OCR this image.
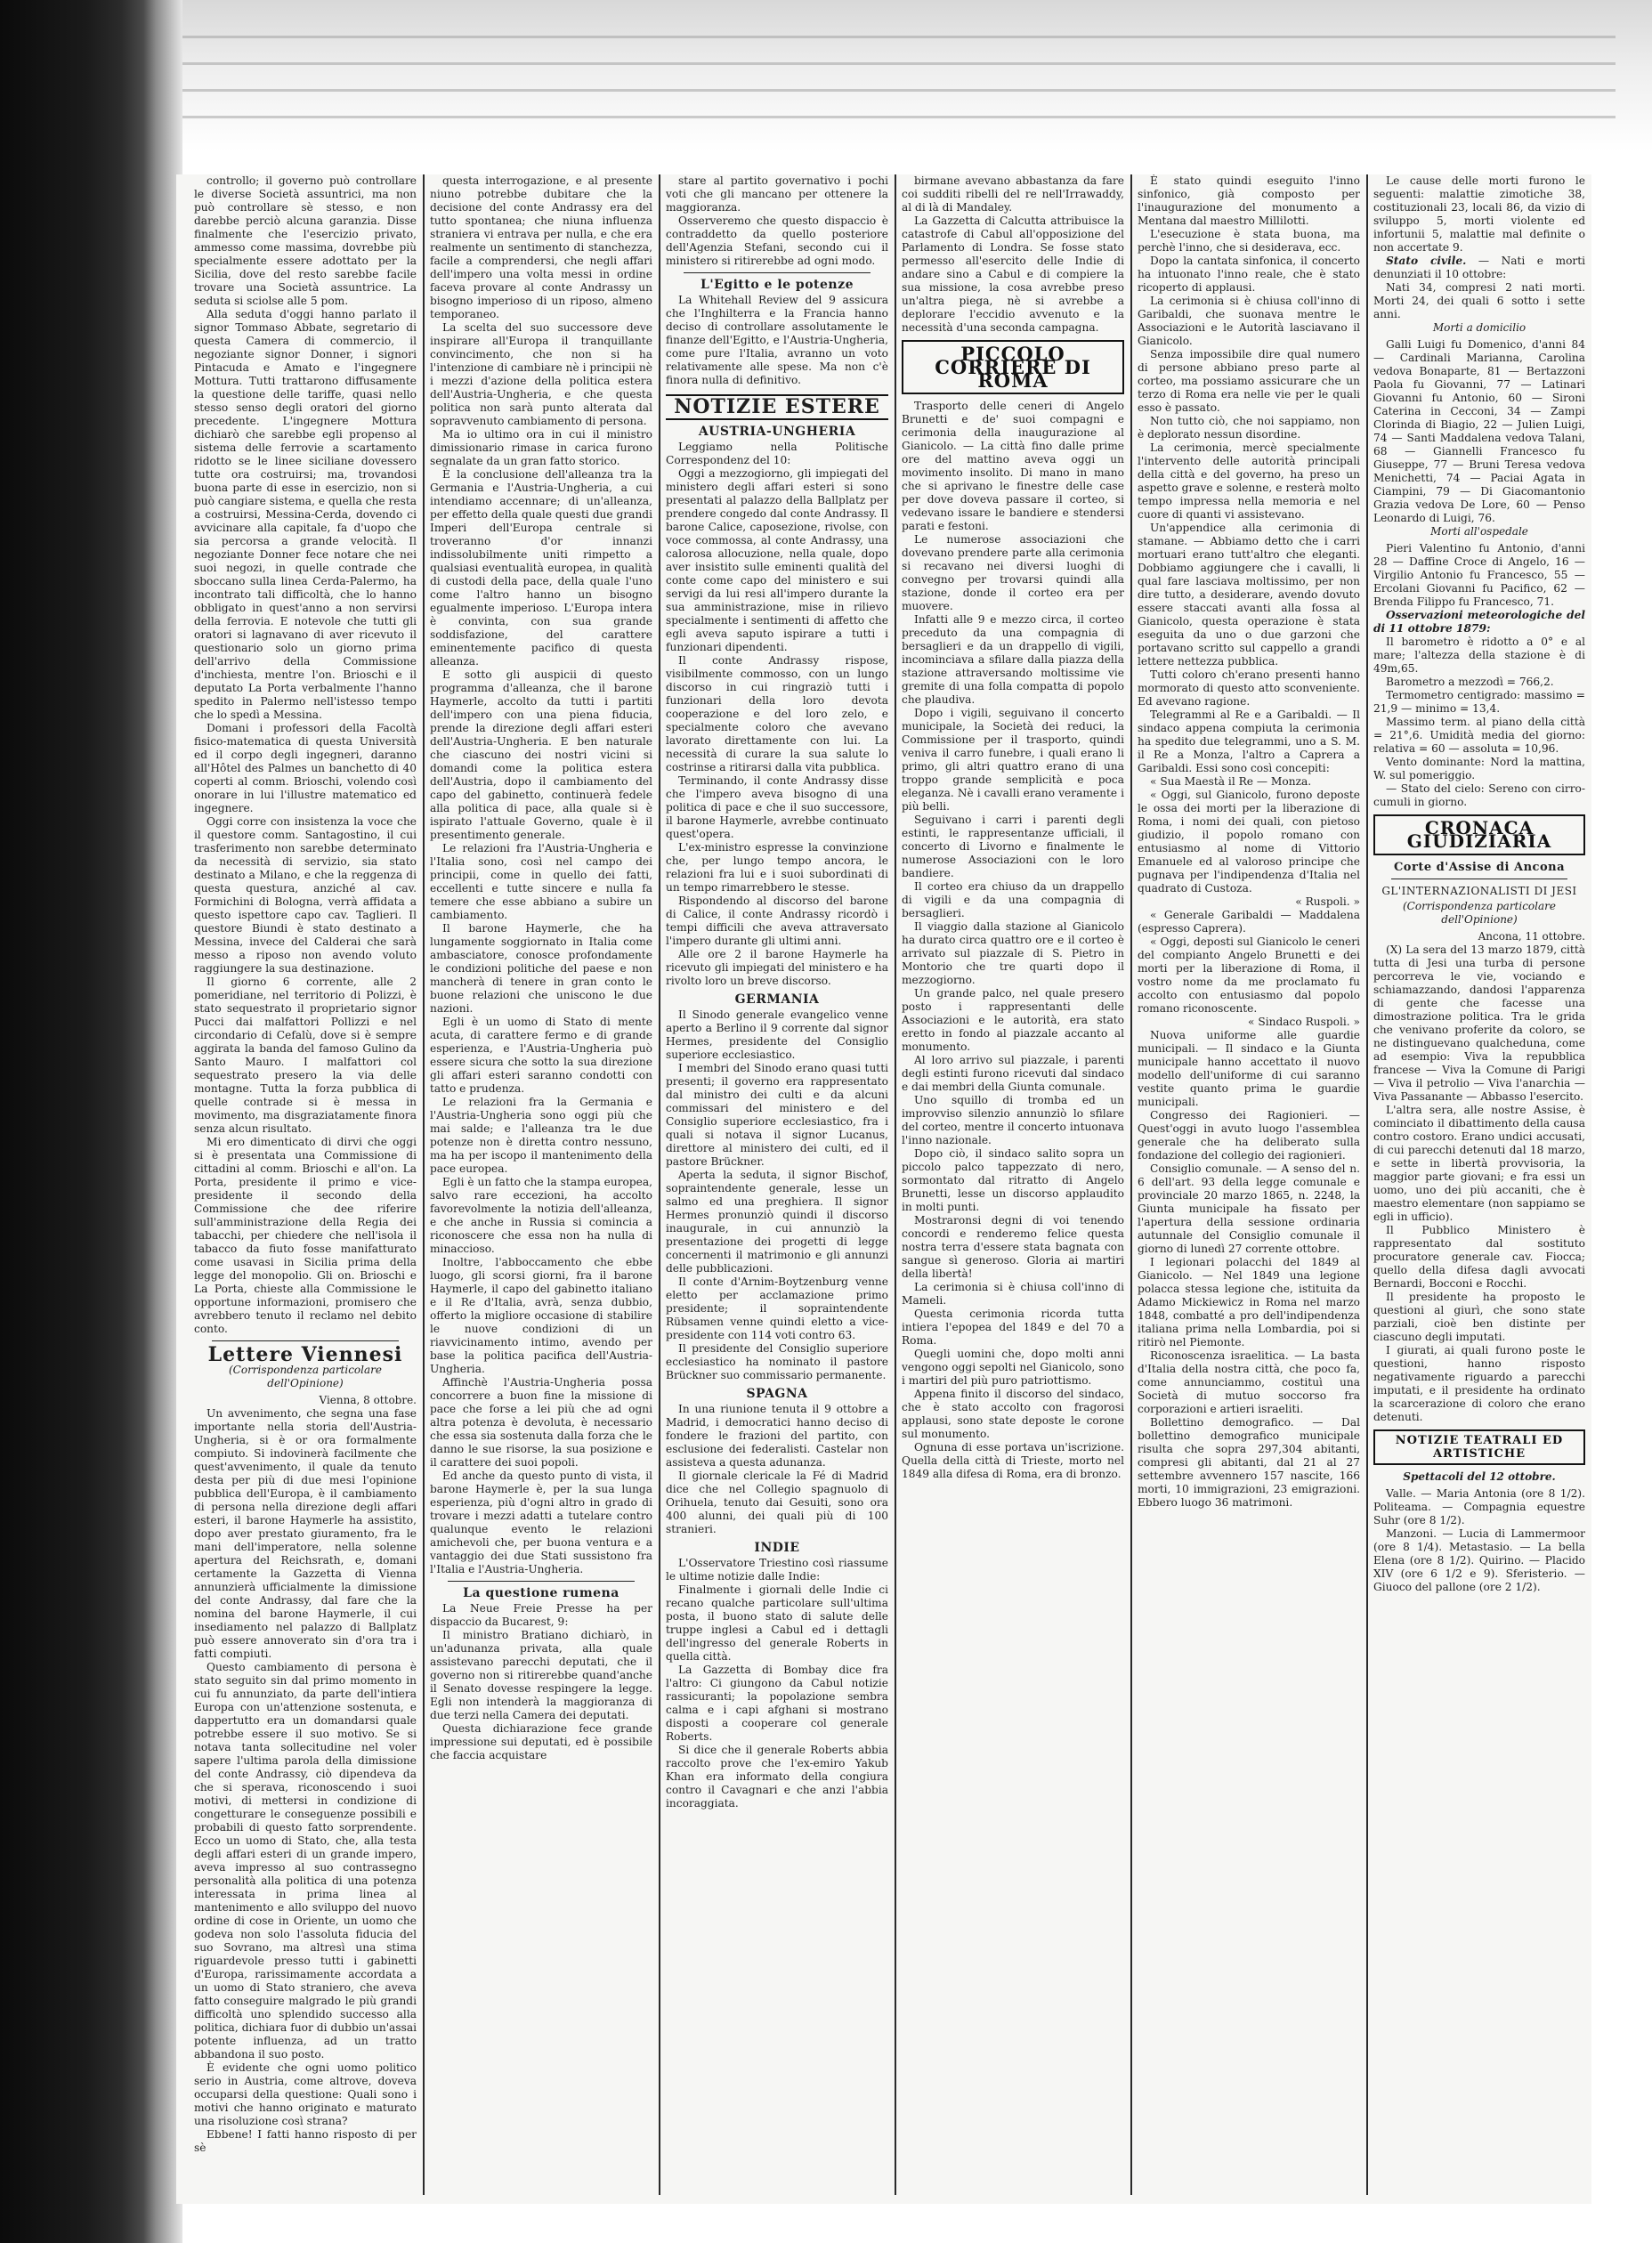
controllo; il governo può controllare le diverse Società assuntrici, ma non può controllare sè stesso, e non darebbe perciò alcuna garanzia. Disse finalmente che l'esercizio privato, ammesso come massima, dovrebbe più specialmente essere adottato per la Sicilia, dove del resto sarebbe facile trovare una Società assuntrice. La seduta si sciolse alle 5 pom.

Alla seduta d'oggi hanno parlato il signor Tommaso Abbate, segretario di questa Camera di commercio, il negoziante signor Donner, i signori Pintacuda e Amato e l'ingegnere Mottura. Tutti trattarono diffusamente la questione delle tariffe, quasi nello stesso senso degli oratori del giorno precedente. L'ingegnere Mottura dichiarò che sarebbe egli propenso al sistema delle ferrovie a scartamento ridotto se le linee siciliane dovessero tutte ora costruirsi; ma, trovandosi buona parte di esse in esercizio, non si può cangiare sistema, e quella che resta a costruirsi, Messina-Cerda, dovendo ci avvicinare alla capitale, fa d'uopo che sia percorsa a grande velocità. Il negoziante Donner fece notare che nei suoi negozi, in quelle contrade che sboccano sulla linea Cerda-Palermo, ha incontrato tali difficoltà, che lo hanno obbligato in quest'anno a non servirsi della ferrovia. E notevole che tutti gli oratori si lagnavano di aver ricevuto il questionario solo un giorno prima dell'arrivo della Commissione d'inchiesta, mentre l'on. Brioschi e il deputato La Porta verbalmente l'hanno spedito in Palermo nell'istesso tempo che lo spedì a Messina.

Domani i professori della Facoltà fisico-matematica di questa Università ed il corpo degli ingegneri, daranno all'Hôtel des Palmes un banchetto di 40 coperti al comm. Brioschi, volendo così onorare in lui l'illustre matematico ed ingegnere.

Oggi corre con insistenza la voce che il questore comm. Santagostino, il cui trasferimento non sarebbe determinato da necessità di servizio, sia stato destinato a Milano, e che la reggenza di questa questura, anziché al cav. Formichini di Bologna, verrà affidata a questo ispettore capo cav. Taglieri. Il questore Biundi è stato destinato a Messina, invece del Calderai che sarà messo a riposo non avendo voluto raggiungere la sua destinazione.

Il giorno 6 corrente, alle 2 pomeridiane, nel territorio di Polizzi, è stato sequestrato il proprietario signor Pucci dai malfattori Pollizzi e nel circondario di Cefalù, dove si è sempre aggirata la banda del famoso Gulino da Santo Mauro. I malfattori col sequestrato presero la via delle montagne. Tutta la forza pubblica di quelle contrade si è messa in movimento, ma disgraziatamente finora senza alcun risultato.

Mi ero dimenticato di dirvi che oggi si è presentata una Commissione di cittadini al comm. Brioschi e all'on. La Porta, presidente il primo e vice-presidente il secondo della Commissione che dee riferire sull'amministrazione della Regia dei tabacchi, per chiedere che nell'isola il tabacco da fiuto fosse manifatturato come usavasi in Sicilia prima della legge del monopolio. Gli on. Brioschi e La Porta, chieste alla Commissione le opportune informazioni, promisero che avrebbero tenuto il reclamo nel debito conto.

Lettere Viennesi
(Corrispondenza particolare dell'Opinione)
Vienna, 8 ottobre.

Un avvenimento, che segna una fase importante nella storia dell'Austria-Ungheria, si è or ora formalmente compiuto. Si indovinerà facilmente che quest'avvenimento, il quale da tenuto desta per più di due mesi l'opinione pubblica dell'Europa, è il cambiamento di persona nella direzione degli affari esteri, il barone Haymerle ha assistito, dopo aver prestato giuramento, fra le mani dell'imperatore, nella solenne apertura del Reichsrath, e, domani certamente la Gazzetta di Vienna annunzierà ufficialmente la dimissione del conte Andrassy, dal fare che la nomina del barone Haymerle, il cui insediamento nel palazzo di Ballplatz può essere annoverato sin d'ora tra i fatti compiuti.

Questo cambiamento di persona è stato seguito sin dal primo momento in cui fu annunziato, da parte dell'intiera Europa con un'attenzione sostenuta, e dappertutto era un domandarsi quale potrebbe essere il suo motivo. Se si notava tanta sollecitudine nel voler sapere l'ultima parola della dimissione del conte Andrassy, ciò dipendeva da che si sperava, riconoscendo i suoi motivi, di mettersi in condizione di congetturare le conseguenze possibili e probabili di questo fatto sorprendente. Ecco un uomo di Stato, che, alla testa degli affari esteri di un grande impero, aveva impresso al suo contrassegno personalità alla politica di una potenza interessata in prima linea al mantenimento e allo sviluppo del nuovo ordine di cose in Oriente, un uomo che godeva non solo l'assoluta fiducia del suo Sovrano, ma altresì una stima riguardevole presso tutti i gabinetti d'Europa, rarissimamente accordata a un uomo di Stato straniero, che aveva fatto conseguire malgrado le più grandi difficoltà uno splendido successo alla politica, dichiara fuor di dubbio un'assai potente influenza, ad un tratto abbandona il suo posto.

È evidente che ogni uomo politico serio in Austria, come altrove, doveva occuparsi della questione: Quali sono i motivi che hanno originato e maturato una risoluzione così strana?

Ebbene! I fatti hanno risposto di per sè

questa interrogazione, e al presente niuno potrebbe dubitare che la decisione del conte Andrassy era del tutto spontanea; che niuna influenza straniera vi entrava per nulla, e che era realmente un sentimento di stanchezza, facile a comprendersi, che negli affari dell'impero una volta messi in ordine faceva provare al conte Andrassy un bisogno imperioso di un riposo, almeno temporaneo.

La scelta del suo successore deve inspirare all'Europa il tranquillante convincimento, che non si ha l'intenzione di cambiare nè i principii nè i mezzi d'azione della politica estera dell'Austria-Ungheria, e che questa politica non sarà punto alterata dal sopravvenuto cambiamento di persona.

Ma io ultimo ora in cui il ministro dimissionario rimase in carica furono segnalate da un gran fatto storico.

È la conclusione dell'alleanza tra la Germania e l'Austria-Ungheria, a cui intendiamo accennare; di un'alleanza, per effetto della quale questi due grandi Imperi dell'Europa centrale si troveranno d'or innanzi indissolubilmente uniti rimpetto a qualsiasi eventualità europea, in qualità di custodi della pace, della quale l'uno come l'altro hanno un bisogno egualmente imperioso. L'Europa intera è convinta, con sua grande soddisfazione, del carattere eminentemente pacifico di questa alleanza.

E sotto gli auspicii di questo programma d'alleanza, che il barone Haymerle, accolto da tutti i partiti dell'impero con una piena fiducia, prende la direzione degli affari esteri dell'Austria-Ungheria. E ben naturale che ciascuno dei nostri vicini si domandi come la politica estera dell'Austria, dopo il cambiamento del capo del gabinetto, continuerà fedele alla politica di pace, alla quale si è ispirato l'attuale Governo, quale è il presentimento generale.

Le relazioni fra l'Austria-Ungheria e l'Italia sono, così nel campo dei principii, come in quello dei fatti, eccellenti e tutte sincere e nulla fa temere che esse abbiano a subire un cambiamento.

Il barone Haymerle, che ha lungamente soggiornato in Italia come ambasciatore, conosce profondamente le condizioni politiche del paese e non mancherà di tenere in gran conto le buone relazioni che uniscono le due nazioni.

Egli è un uomo di Stato di mente acuta, di carattere fermo e di grande esperienza, e l'Austria-Ungheria può essere sicura che sotto la sua direzione gli affari esteri saranno condotti con tatto e prudenza.

Le relazioni fra la Germania e l'Austria-Ungheria sono oggi più che mai salde; e l'alleanza tra le due potenze non è diretta contro nessuno, ma ha per iscopo il mantenimento della pace europea.

Egli è un fatto che la stampa europea, salvo rare eccezioni, ha accolto favorevolmente la notizia dell'alleanza, e che anche in Russia si comincia a riconoscere che essa non ha nulla di minaccioso.

Inoltre, l'abboccamento che ebbe luogo, gli scorsi giorni, fra il barone Haymerle, il capo del gabinetto italiano e il Re d'Italia, avrà, senza dubbio, offerto la migliore occasione di stabilire le nuove condizioni di un riavvicinamento intimo, avendo per base la politica pacifica dell'Austria-Ungheria.

Affinchè l'Austria-Ungheria possa concorrere a buon fine la missione di pace che forse a lei più che ad ogni altra potenza è devoluta, è necessario che essa sia sostenuta dalla forza che le danno le sue risorse, la sua posizione e il carattere dei suoi popoli.

Ed anche da questo punto di vista, il barone Haymerle è, per la sua lunga esperienza, più d'ogni altro in grado di trovare i mezzi adatti a tutelare contro qualunque evento le relazioni amichevoli che, per buona ventura e a vantaggio dei due Stati sussistono fra l'Italia e l'Austria-Ungheria.

La questione rumena

La Neue Freie Presse ha per dispaccio da Bucarest, 9:

Il ministro Bratiano dichiarò, in un'adunanza privata, alla quale assistevano parecchi deputati, che il governo non si ritirerebbe quand'anche il Senato dovesse respingere la legge. Egli non intenderà la maggioranza di due terzi nella Camera dei deputati.

Questa dichiarazione fece grande impressione sui deputati, ed è possibile che faccia acquistare

stare al partito governativo i pochi voti che gli mancano per ottenere la maggioranza.

Osserveremo che questo dispaccio è contraddetto da quello posteriore dell'Agenzia Stefani, secondo cui il ministero si ritirerebbe ad ogni modo.

L'Egitto e le potenze

La Whitehall Review del 9 assicura che l'Inghilterra e la Francia hanno deciso di controllare assolutamente le finanze dell'Egitto, e l'Austria-Ungheria, come pure l'Italia, avranno un voto relativamente alle spese. Ma non c'è finora nulla di definitivo.

NOTIZIE ESTERE
AUSTRIA-UNGHERIA

Leggiamo nella Politische Correspondenz del 10:

Oggi a mezzogiorno, gli impiegati del ministero degli affari esteri si sono presentati al palazzo della Ballplatz per prendere congedo dal conte Andrassy. Il barone Calice, caposezione, rivolse, con voce commossa, al conte Andrassy, una calorosa allocuzione, nella quale, dopo aver insistito sulle eminenti qualità del conte come capo del ministero e sui servigi da lui resi all'impero durante la sua amministrazione, mise in rilievo specialmente i sentimenti di affetto che egli aveva saputo ispirare a tutti i funzionari dipendenti.

Il conte Andrassy rispose, visibilmente commosso, con un lungo discorso in cui ringraziò tutti i funzionari della loro devota cooperazione e del loro zelo, e specialmente coloro che avevano lavorato direttamente con lui. La necessità di curare la sua salute lo costrinse a ritirarsi dalla vita pubblica.

Terminando, il conte Andrassy disse che l'impero aveva bisogno di una politica di pace e che il suo successore, il barone Haymerle, avrebbe continuato quest'opera.

L'ex-ministro espresse la convinzione che, per lungo tempo ancora, le relazioni fra lui e i suoi subordinati di un tempo rimarrebbero le stesse.

Rispondendo al discorso del barone di Calice, il conte Andrassy ricordò i tempi difficili che aveva attraversato l'impero durante gli ultimi anni.

Alle ore 2 il barone Haymerle ha ricevuto gli impiegati del ministero e ha rivolto loro un breve discorso.

GERMANIA

Il Sinodo generale evangelico venne aperto a Berlino il 9 corrente dal signor Hermes, presidente del Consiglio superiore ecclesiastico.

I membri del Sinodo erano quasi tutti presenti; il governo era rappresentato dal ministro dei culti e da alcuni commissari del ministero e del Consiglio superiore ecclesiastico, fra i quali si notava il signor Lucanus, direttore al ministero dei culti, ed il pastore Brückner.

Aperta la seduta, il signor Bischof, sopraintendente generale, lesse un salmo ed una preghiera. Il signor Hermes pronunziò quindi il discorso inaugurale, in cui annunziò la presentazione dei progetti di legge concernenti il matrimonio e gli annunzi delle pubblicazioni.

Il conte d'Arnim-Boytzenburg venne eletto per acclamazione primo presidente; il sopraintendente Rübsamen venne quindi eletto a vice-presidente con 114 voti contro 63.

Il presidente del Consiglio superiore ecclesiastico ha nominato il pastore Brückner suo commissario permanente.

SPAGNA

In una riunione tenuta il 9 ottobre a Madrid, i democratici hanno deciso di fondere le frazioni del partito, con esclusione dei federalisti. Castelar non assisteva a questa adunanza.

Il giornale clericale la Fé di Madrid dice che nel Collegio spagnuolo di Orihuela, tenuto dai Gesuiti, sono ora 400 alunni, dei quali più di 100 stranieri.

INDIE

L'Osservatore Triestino così riassume le ultime notizie dalle Indie:

Finalmente i giornali delle Indie ci recano qualche particolare sull'ultima posta, il buono stato di salute delle truppe inglesi a Cabul ed i dettagli dell'ingresso del generale Roberts in quella città.

La Gazzetta di Bombay dice fra l'altro: Ci giungono da Cabul notizie rassicuranti; la popolazione sembra calma e i capi afghani si mostrano disposti a cooperare col generale Roberts.

Si dice che il generale Roberts abbia raccolto prove che l'ex-emiro Yakub Khan era informato della congiura contro il Cavagnari e che anzi l'abbia incoraggiata.

birmane avevano abbastanza da fare coi sudditi ribelli del re nell'Irrawaddy, al di là di Mandaley.

La Gazzetta di Calcutta attribuisce la catastrofe di Cabul all'opposizione del Parlamento di Londra. Se fosse stato permesso all'esercito delle Indie di andare sino a Cabul e di compiere la sua missione, la cosa avrebbe preso un'altra piega, nè si avrebbe a deplorare l'eccidio avvenuto e la necessità d'una seconda campagna.

PICCOLO CORRIERE DI ROMA

Trasporto delle ceneri di Angelo Brunetti e de' suoi compagni e cerimonia della inaugurazione al Gianicolo. — La città fino dalle prime ore del mattino aveva oggi un movimento insolito. Di mano in mano che si aprivano le finestre delle case per dove doveva passare il corteo, si vedevano issare le bandiere e stendersi parati e festoni.

Le numerose associazioni che dovevano prendere parte alla cerimonia si recavano nei diversi luoghi di convegno per trovarsi quindi alla stazione, donde il corteo era per muovere.

Infatti alle 9 e mezzo circa, il corteo preceduto da una compagnia di bersaglieri e da un drappello di vigili, incominciava a sfilare dalla piazza della stazione attraversando moltissime vie gremite di una folla compatta di popolo che plaudiva.

Dopo i vigili, seguivano il concerto municipale, la Società dei reduci, la Commissione per il trasporto, quindi veniva il carro funebre, i quali erano li primo, gli altri quattro erano di una troppo grande semplicità e poca eleganza. Nè i cavalli erano veramente i più belli.

Seguivano i carri i parenti degli estinti, le rappresentanze ufficiali, il concerto di Livorno e finalmente le numerose Associazioni con le loro bandiere.

Il corteo era chiuso da un drappello di vigili e da una compagnia di bersaglieri.

Il viaggio dalla stazione al Gianicolo ha durato circa quattro ore e il corteo è arrivato sul piazzale di S. Pietro in Montorio che tre quarti dopo il mezzogiorno.

Un grande palco, nel quale presero posto i rappresentanti delle Associazioni e le autorità, era stato eretto in fondo al piazzale accanto al monumento.

Al loro arrivo sul piazzale, i parenti degli estinti furono ricevuti dal sindaco e dai membri della Giunta comunale.

Uno squillo di tromba ed un improvviso silenzio annunziò lo sfilare del corteo, mentre il concerto intuonava l'inno nazionale.

Dopo ciò, il sindaco salito sopra un piccolo palco tappezzato di nero, sormontato dal ritratto di Angelo Brunetti, lesse un discorso applaudito in molti punti.

Mostraronsi degni di voi tenendo concordi e renderemo felice questa nostra terra d'essere stata bagnata con sangue sì generoso. Gloria ai martiri della libertà!

La cerimonia si è chiusa coll'inno di Mameli.

Questa cerimonia ricorda tutta intiera l'epopea del 1849 e del 70 a Roma.

Quegli uomini che, dopo molti anni vengono oggi sepolti nel Gianicolo, sono i martiri del più puro patriottismo.

Appena finito il discorso del sindaco, che è stato accolto con fragorosi applausi, sono state deposte le corone sul monumento.

Ognuna di esse portava un'iscrizione. Quella della città di Trieste, morto nel 1849 alla difesa di Roma, era di bronzo.

È stato quindi eseguito l'inno sinfonico, già composto per l'inaugurazione del monumento a Mentana dal maestro Millilotti.

L'esecuzione è stata buona, ma perchè l'inno, che si desiderava, ecc.

Dopo la cantata sinfonica, il concerto ha intuonato l'inno reale, che è stato ricoperto di applausi.

La cerimonia si è chiusa coll'inno di Garibaldi, che suonava mentre le Associazioni e le Autorità lasciavano il Gianicolo.

Senza impossibile dire qual numero di persone abbiano preso parte al corteo, ma possiamo assicurare che un terzo di Roma era nelle vie per le quali esso è passato.

Non tutto ciò, che noi sappiamo, non è deplorato nessun disordine.

La cerimonia, mercè specialmente l'intervento delle autorità principali della città e del governo, ha preso un aspetto grave e solenne, e resterà molto tempo impressa nella memoria e nel cuore di quanti vi assistevano.

Un'appendice alla cerimonia di stamane. — Abbiamo detto che i carri mortuari erano tutt'altro che eleganti. Dobbiamo aggiungere che i cavalli, li qual fare lasciava moltissimo, per non dire tutto, a desiderare, avendo dovuto essere staccati avanti alla fossa al Gianicolo, questa operazione è stata eseguita da uno o due garzoni che portavano scritto sul cappello a grandi lettere nettezza pubblica.

Tutti coloro ch'erano presenti hanno mormorato di questo atto sconveniente. Ed avevano ragione.

Telegrammi al Re e a Garibaldi. — Il sindaco appena compiuta la cerimonia ha spedito due telegrammi, uno a S. M. il Re a Monza, l'altro a Caprera a Garibaldi. Essi sono così concepiti:

« Sua Maestà il Re — Monza.

« Oggi, sul Gianicolo, furono deposte le ossa dei morti per la liberazione di Roma, i nomi dei quali, con pietoso giudizio, il popolo romano con entusiasmo al nome di Vittorio Emanuele ed al valoroso principe che pugnava per l'indipendenza d'Italia nel quadrato di Custoza.

« Ruspoli. »

« Generale Garibaldi — Maddalena (espresso Caprera).

« Oggi, deposti sul Gianicolo le ceneri del compianto Angelo Brunetti e dei morti per la liberazione di Roma, il vostro nome da me proclamato fu accolto con entusiasmo dal popolo romano riconoscente.

« Sindaco Ruspoli. »

Nuova uniforme alle guardie municipali. — Il sindaco e la Giunta municipale hanno accettato il nuovo modello dell'uniforme di cui saranno vestite quanto prima le guardie municipali.

Congresso dei Ragionieri. — Quest'oggi in avuto luogo l'assemblea generale che ha deliberato sulla fondazione del collegio dei ragionieri.

Consiglio comunale. — A senso del n. 6 dell'art. 93 della legge comunale e provinciale 20 marzo 1865, n. 2248, la Giunta municipale ha fissato per l'apertura della sessione ordinaria autunnale del Consiglio comunale il giorno di lunedì 27 corrente ottobre.

I legionari polacchi del 1849 al Gianicolo. — Nel 1849 una legione polacca stessa legione che, istituita da Adamo Mickiewicz in Roma nel marzo 1848, combatté a pro dell'indipendenza italiana prima nella Lombardia, poi si ritirò nel Piemonte.

Riconoscenza israelitica. — La basta d'Italia della nostra città, che poco fa, come annunciammo, costituì una Società di mutuo soccorso fra corporazioni e artieri israeliti.

Bollettino demografico. — Dal bollettino demografico municipale risulta che sopra 297,304 abitanti, compresi gli abitanti, dal 21 al 27 settembre avvennero 157 nascite, 166 morti, 10 immigrazioni, 23 emigrazioni. Ebbero luogo 36 matrimoni.

Le cause delle morti furono le seguenti: malattie zimotiche 38, costituzionali 23, locali 86, da vizio di sviluppo 5, morti violente ed infortunii 5, malattie mal definite o non accertate 9.

Stato civile. — Nati e morti denunziati il 10 ottobre:

Nati 34, compresi 2 nati morti. Morti 24, dei quali 6 sotto i sette anni.

Morti a domicilio

Galli Luigi fu Domenico, d'anni 84 — Cardinali Marianna, Carolina vedova Bonaparte, 81 — Bertazzoni Paola fu Giovanni, 77 — Latinari Giovanni fu Antonio, 60 — Sironi Caterina in Cecconi, 34 — Zampi Clorinda di Biagio, 22 — Julien Luigi, 74 — Santi Maddalena vedova Talani, 68 — Giannelli Francesco fu Giuseppe, 77 — Bruni Teresa vedova Menichetti, 74 — Paciai Agata in Ciampini, 79 — Di Giacomantonio Grazia vedova De Lore, 60 — Penso Leonardo di Luigi, 76.

Morti all'ospedale

Pieri Valentino fu Antonio, d'anni 28 — Daffine Croce di Angelo, 16 — Virgilio Antonio fu Francesco, 55 — Ercolani Giovanni fu Pacifico, 62 — Brenda Filippo fu Francesco, 71.

Osservazioni meteorologiche del di 11 ottobre 1879:

Il barometro è ridotto a 0° e al mare; l'altezza della stazione è di 49m,65.

Barometro a mezzodì = 766,2.

Termometro centigrado: massimo = 21,9 — minimo = 13,4.

Massimo term. al piano della città = 21°,6. Umidità media del giorno: relativa = 60 — assoluta = 10,96.

Vento dominante: Nord la mattina, W. sul pomeriggio.

— Stato del cielo: Sereno con cirro-cumuli in giorno.

CRONACA GIUDIZIARIA
Corte d'Assise di Ancona
GL'INTERNAZIONALISTI DI JESI
(Corrispondenza particolare dell'Opinione)
Ancona, 11 ottobre.

(X) La sera del 13 marzo 1879, città tutta di Jesi una turba di persone percorreva le vie, vociando e schiamazzando, dandosi l'apparenza di gente che facesse una dimostrazione politica. Tra le grida che venivano proferite da coloro, se ne distinguevano qualcheduna, come ad esempio: Viva la repubblica francese — Viva la Comune di Parigi — Viva il petrolio — Viva l'anarchia — Viva Passanante — Abbasso l'esercito.

L'altra sera, alle nostre Assise, è cominciato il dibattimento della causa contro costoro. Erano undici accusati, di cui parecchi detenuti dal 18 marzo, e sette in libertà provvisoria, la maggior parte giovani; e fra essi un uomo, uno dei più accaniti, che è maestro elementare (non sappiamo se egli in ufficio).

Il Pubblico Ministero è rappresentato dal sostituto procuratore generale cav. Fiocca; quello della difesa dagli avvocati Bernardi, Bocconi e Rocchi.

Il presidente ha proposto le questioni al giurì, che sono state parziali, cioè ben distinte per ciascuno degli imputati.

I giurati, ai quali furono poste le questioni, hanno risposto negativamente riguardo a parecchi imputati, e il presidente ha ordinato la scarcerazione di coloro che erano detenuti.

NOTIZIE TEATRALI ED ARTISTICHE
Spettacoli del 12 ottobre.

Valle. — Maria Antonia (ore 8 1/2). Politeama. — Compagnia equestre Suhr (ore 8 1/2).

Manzoni. — Lucia di Lammermoor (ore 8 1/4). Metastasio. — La bella Elena (ore 8 1/2). Quirino. — Placido XIV (ore 6 1/2 e 9). Sferisterio. — Giuoco del pallone (ore 2 1/2).
